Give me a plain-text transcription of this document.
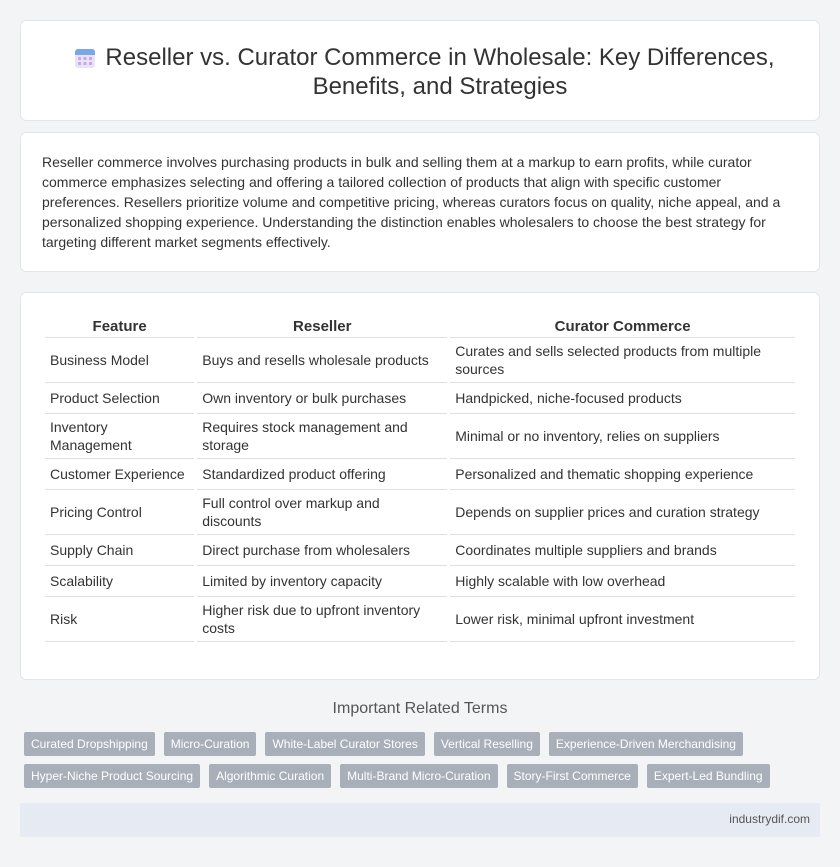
Reseller vs. Curator Commerce in Wholesale: Key Differences, Benefits, and Strategies

Reseller commerce involves purchasing products in bulk and selling them at a markup to earn profits, while curator commerce emphasizes selecting and offering a tailored collection of products that align with specific customer preferences. Resellers prioritize volume and competitive pricing, whereas curators focus on quality, niche appeal, and a personalized shopping experience. Understanding the distinction enables wholesalers to choose the best strategy for targeting different market segments effectively.

Feature	Reseller	Curator Commerce
Business Model	Buys and resells wholesale products	Curates and sells selected products from multiple sources
Product Selection	Own inventory or bulk purchases	Handpicked, niche-focused products
Inventory Management	Requires stock management and storage	Minimal or no inventory, relies on suppliers
Customer Experience	Standardized product offering	Personalized and thematic shopping experience
Pricing Control	Full control over markup and discounts	Depends on supplier prices and curation strategy
Supply Chain	Direct purchase from wholesalers	Coordinates multiple suppliers and brands
Scalability	Limited by inventory capacity	Highly scalable with low overhead
Risk	Higher risk due to upfront inventory costs	Lower risk, minimal upfront investment
Important Related Terms
Curated Dropshipping Micro-Curation White-Label Curator Stores Vertical Reselling Experience-Driven Merchandising
Hyper-Niche Product Sourcing Algorithmic Curation Multi-Brand Micro-Curation Story-First Commerce Expert-Led Bundling
industrydif.com
